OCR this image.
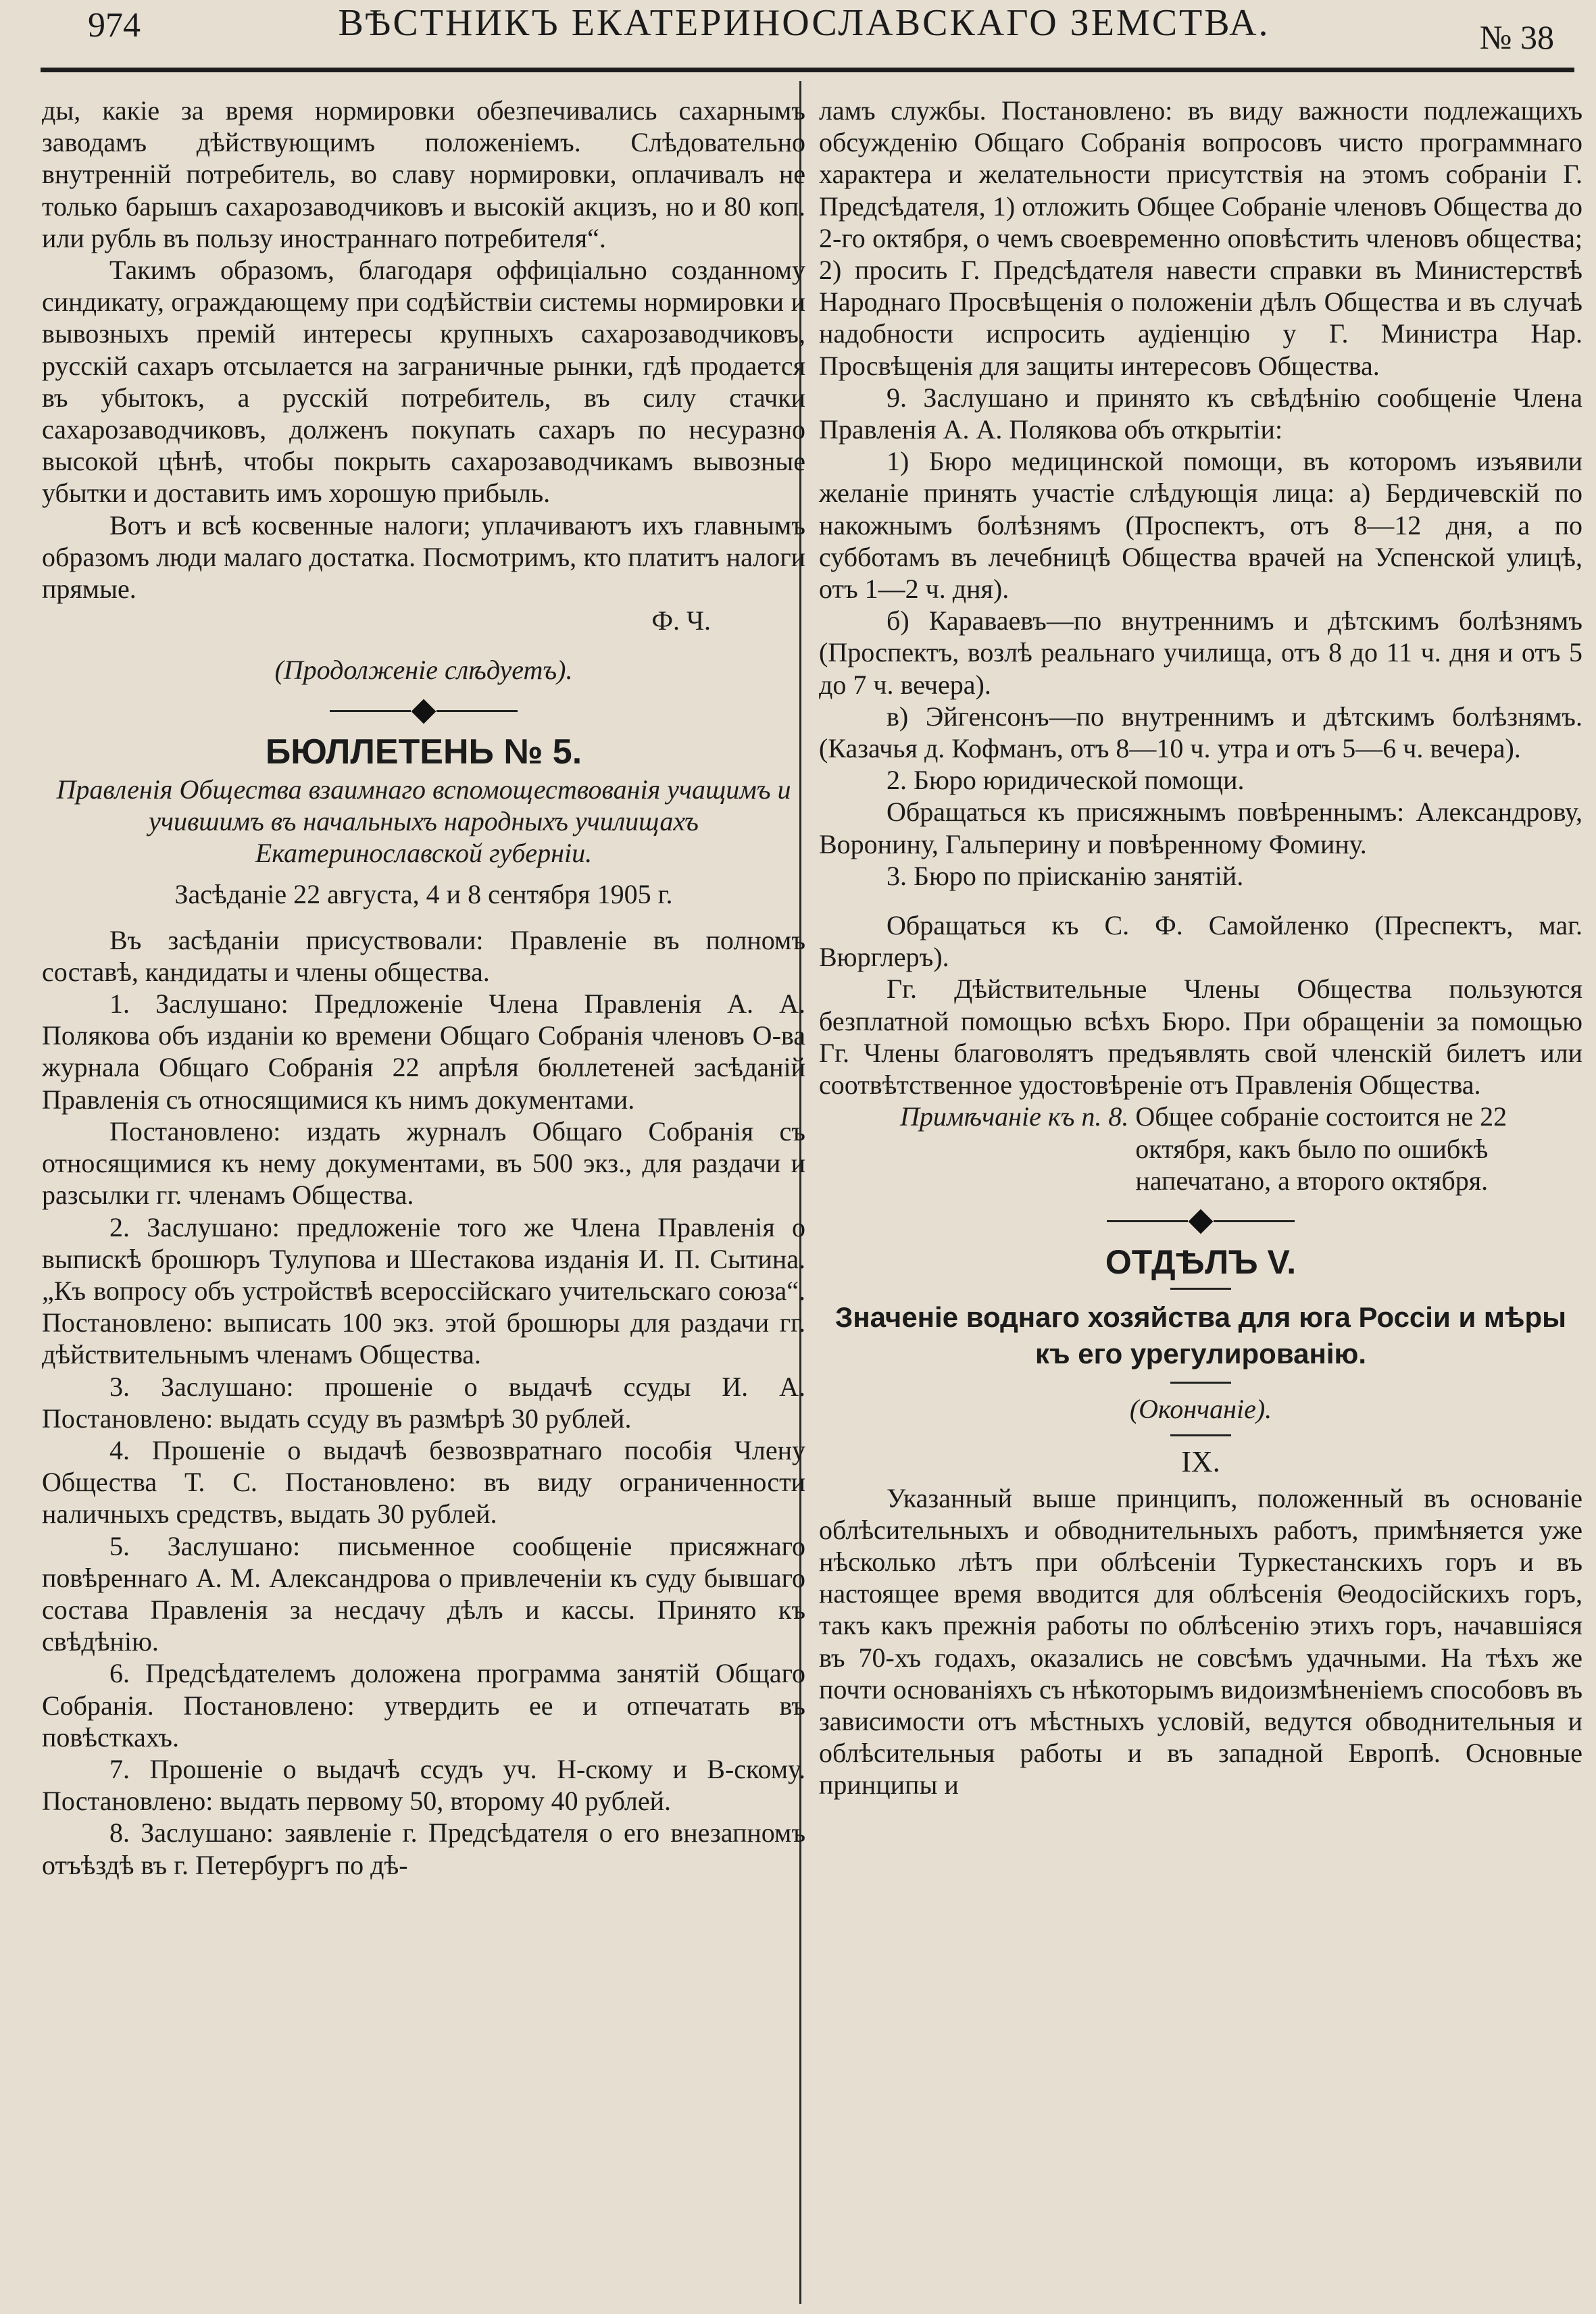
974	ВѢСТНИКЪ ЕКАТЕРИНОСЛАВСКАГО ЗЕМСТВА.	№ 38

ды, какiе за время нормировки обезпечивались сахарнымъ заводамъ дѣйствующимъ положенiемъ. Слѣдовательно внутреннiй потребитель, во славу нормировки, оплачивалъ не только барышъ сахарозаводчиковъ и высокiй акцизъ, но и 80 коп. или рубль въ пользу иностраннаго потребителя“.

Такимъ образомъ, благодаря оффицiально созданному синдикату, ограждающему при содѣйствiи системы нормировки и вывозныхъ премiй интересы крупныхъ сахарозаводчиковъ, русскiй сахаръ отсылается на заграничные рынки, гдѣ продается въ убытокъ, а русскiй потребитель, въ силу стачки сахарозаводчиковъ, долженъ покупать сахаръ по несуразно высокой цѣнѣ, чтобы покрыть сахарозаводчикамъ вывозные убытки и доставить имъ хорошую прибыль.

Вотъ и всѣ косвенные налоги; уплачиваютъ ихъ главнымъ образомъ люди малаго достатка. Посмотримъ, кто платитъ налоги прямые.

Ф. Ч.

(Продолженiе слѣдуетъ).

БЮЛЛЕТЕНЬ № 5.

Правленiя Общества взаимнаго вспомоществованiя учащимъ и учившимъ въ начальныхъ народныхъ училищахъ Екатеринославской губернiи.

Засѣданiе 22 августа, 4 и 8 сентября 1905 г.

Въ засѣданiи присуствовали: Правленiе въ полномъ составѣ, кандидаты и члены общества.

1. Заслушано: Предложенiе Члена Правленiя А. А. Полякова объ изданiи ко времени Общаго Собранiя членовъ О-ва журнала Общаго Собранiя 22 апрѣля бюллетеней засѣданiй Правленiя съ относящимися къ нимъ документами.

Постановлено: издать журналъ Общаго Собранiя съ относящимися къ нему документами, въ 500 экз., для раздачи и разсылки гг. членамъ Общества.

2. Заслушано: предложенiе того же Члена Правленiя о выпискѣ брошюръ Тулупова и Шестакова изданiя И. П. Сытина. „Къ вопросу объ устройствѣ всероссiйскаго учительскаго союза“. Постановлено: выписать 100 экз. этой брошюры для раздачи гг. дѣйствительнымъ членамъ Общества.

3. Заслушано: прошенiе о выдачѣ ссуды И. А. Постановлено: выдать ссуду въ размѣрѣ 30 рублей.

4. Прошенiе о выдачѣ безвозвратнаго пособiя Члену Общества Т. С. Постановлено: въ виду ограниченности наличныхъ средствъ, выдать 30 рублей.

5. Заслушано: письменное сообщенiе присяжнаго повѣреннаго А. М. Александрова о привлеченiи къ суду бывшаго состава Правленiя за несдачу дѣлъ и кассы. Принято къ свѣдѣнiю.

6. Предсѣдателемъ доложена программа занятiй Общаго Собранiя. Постановлено: утвердить ее и отпечатать въ повѣсткахъ.

7. Прошенiе о выдачѣ ссудъ уч. Н-скому и В-скому. Постановлено: выдать первому 50, второму 40 рублей.

8. Заслушано: заявленiе г. Предсѣдателя о его внезапномъ отъѣздѣ въ г. Петербургъ по дѣ-

ламъ службы. Постановлено: въ виду важности подлежащихъ обсужденiю Общаго Собранiя вопросовъ чисто программнаго характера и желательности присутствiя на этомъ собранiи Г. Предсѣдателя, 1) отложить Общее Собранiе членовъ Общества до 2-го октября, о чемъ своевременно оповѣстить членовъ общества; 2) просить Г. Предсѣдателя навести справки въ Министерствѣ Народнаго Просвѣщенiя о положенiи дѣлъ Общества и въ случаѣ надобности испросить аудiенцiю у Г. Министра Нар. Просвѣщенiя для защиты интересовъ Общества.

9. Заслушано и принято къ свѣдѣнiю сообщенiе Члена Правленiя А. А. Полякова объ открытiи:

1) Бюро медицинской помощи, въ которомъ изъявили желанiе принять участiе слѣдующiя лица: а) Бердичевскiй по накожнымъ болѣзнямъ (Проспектъ, отъ 8—12 дня, а по субботамъ въ лечебницѣ Общества врачей на Успенской улицѣ, отъ 1—2 ч. дня).

б) Караваевъ—по внутреннимъ и дѣтскимъ болѣзнямъ (Проспектъ, возлѣ реальнаго училища, отъ 8 до 11 ч. дня и отъ 5 до 7 ч. вечера).

в) Эйгенсонъ—по внутреннимъ и дѣтскимъ болѣзнямъ. (Казачья д. Кофманъ, отъ 8—10 ч. утра и отъ 5—6 ч. вечера).

2. Бюро юридической помощи.

Обращаться къ присяжнымъ повѣреннымъ: Александрову, Воронину, Гальперину и повѣренному Фомину.

3. Бюро по прiисканiю занятiй.

Обращаться къ С. Ф. Самойленко (Преспектъ, маг. Вюрглеръ).

Гг. Дѣйствительные Члены Общества пользуются безплатной помощью всѣхъ Бюро. При обращенiи за помощью Гг. Члены благоволятъ предъявлять свой членскiй билетъ или соотвѣтственное удостовѣренiе отъ Правленiя Общества.

Примѣчанiе къ п. 8. Общее собранiе состоится не 22 октября, какъ было по ошибкѣ напечатано, а второго октября.
ОТДѢЛЪ V.
Значенiе воднаго хозяйства для юга Россiи и мѣры къ его урегулированiю.

(Окончанiе).

IX.

Указанный выше принципъ, положенный въ основанiе облѣсительныхъ и обводнительныхъ работъ, примѣняется уже нѣсколько лѣтъ при облѣсенiи Туркестанскихъ горъ и въ настоящее время вводится для облѣсенiя Θеодосiйскихъ горъ, такъ какъ прежнiя работы по облѣсенiю этихъ горъ, начавшiяся въ 70-хъ годахъ, оказались не совсѣмъ удачными. На тѣхъ же почти основанiяхъ съ нѣкоторымъ видоизмѣненiемъ способовъ въ зависимости отъ мѣстныхъ условiй, ведутся обводнительныя и облѣсительныя работы и въ западной Европѣ. Основные принципы и
